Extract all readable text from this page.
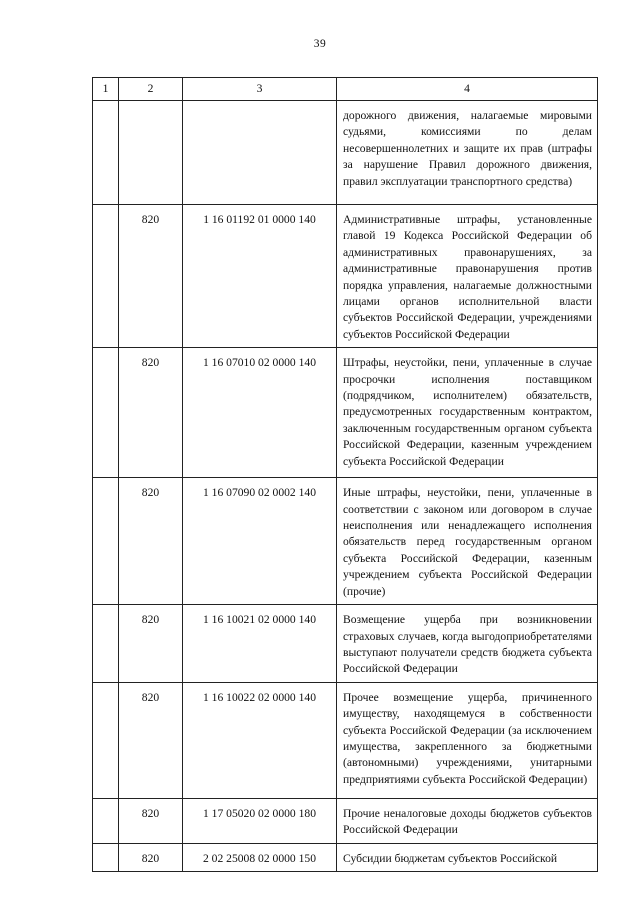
39
1	2	3	4
			дорожного движения, налагаемые мировыми судьями, комиссиями по делам несовершеннолетних и защите их прав (штрафы за нарушение Правил дорожного движения, правил эксплуатации транспортного средства)
	820	1 16 01192 01 0000 140	Административные штрафы, установленные главой 19 Кодекса Российской Федерации об административных правонарушениях, за административные правонарушения против порядка управления, налагаемые должностными лицами органов исполнительной власти субъектов Российской Федерации, учреждениями субъектов Российской Федерации
	820	1 16 07010 02 0000 140	Штрафы, неустойки, пени, уплаченные в случае просрочки исполнения поставщиком (подрядчиком, исполнителем) обязательств, предусмотренных государственным контрактом, заключенным государственным органом субъекта Российской Федерации, казенным учреждением субъекта Российской Федерации
	820	1 16 07090 02 0002 140	Иные штрафы, неустойки, пени, уплаченные в соответствии с законом или договором в случае неисполнения или ненадлежащего исполнения обязательств перед государственным органом субъекта Российской Федерации, казенным учреждением субъекта Российской Федерации (прочие)
	820	1 16 10021 02 0000 140	Возмещение ущерба при возникновении страховых случаев, когда выгодоприобретателями выступают получатели средств бюджета субъекта Российской Федерации
	820	1 16 10022 02 0000 140	Прочее возмещение ущерба, причиненного имуществу, находящемуся в собственности субъекта Российской Федерации (за исключением имущества, закрепленного за бюджетными (автономными) учреждениями, унитарными предприятиями субъекта Российской Федерации)
	820	1 17 05020 02 0000 180	Прочие неналоговые доходы бюджетов субъектов Российской Федерации
	820	2 02 25008 02 0000 150	Субсидии бюджетам субъектов Российской
